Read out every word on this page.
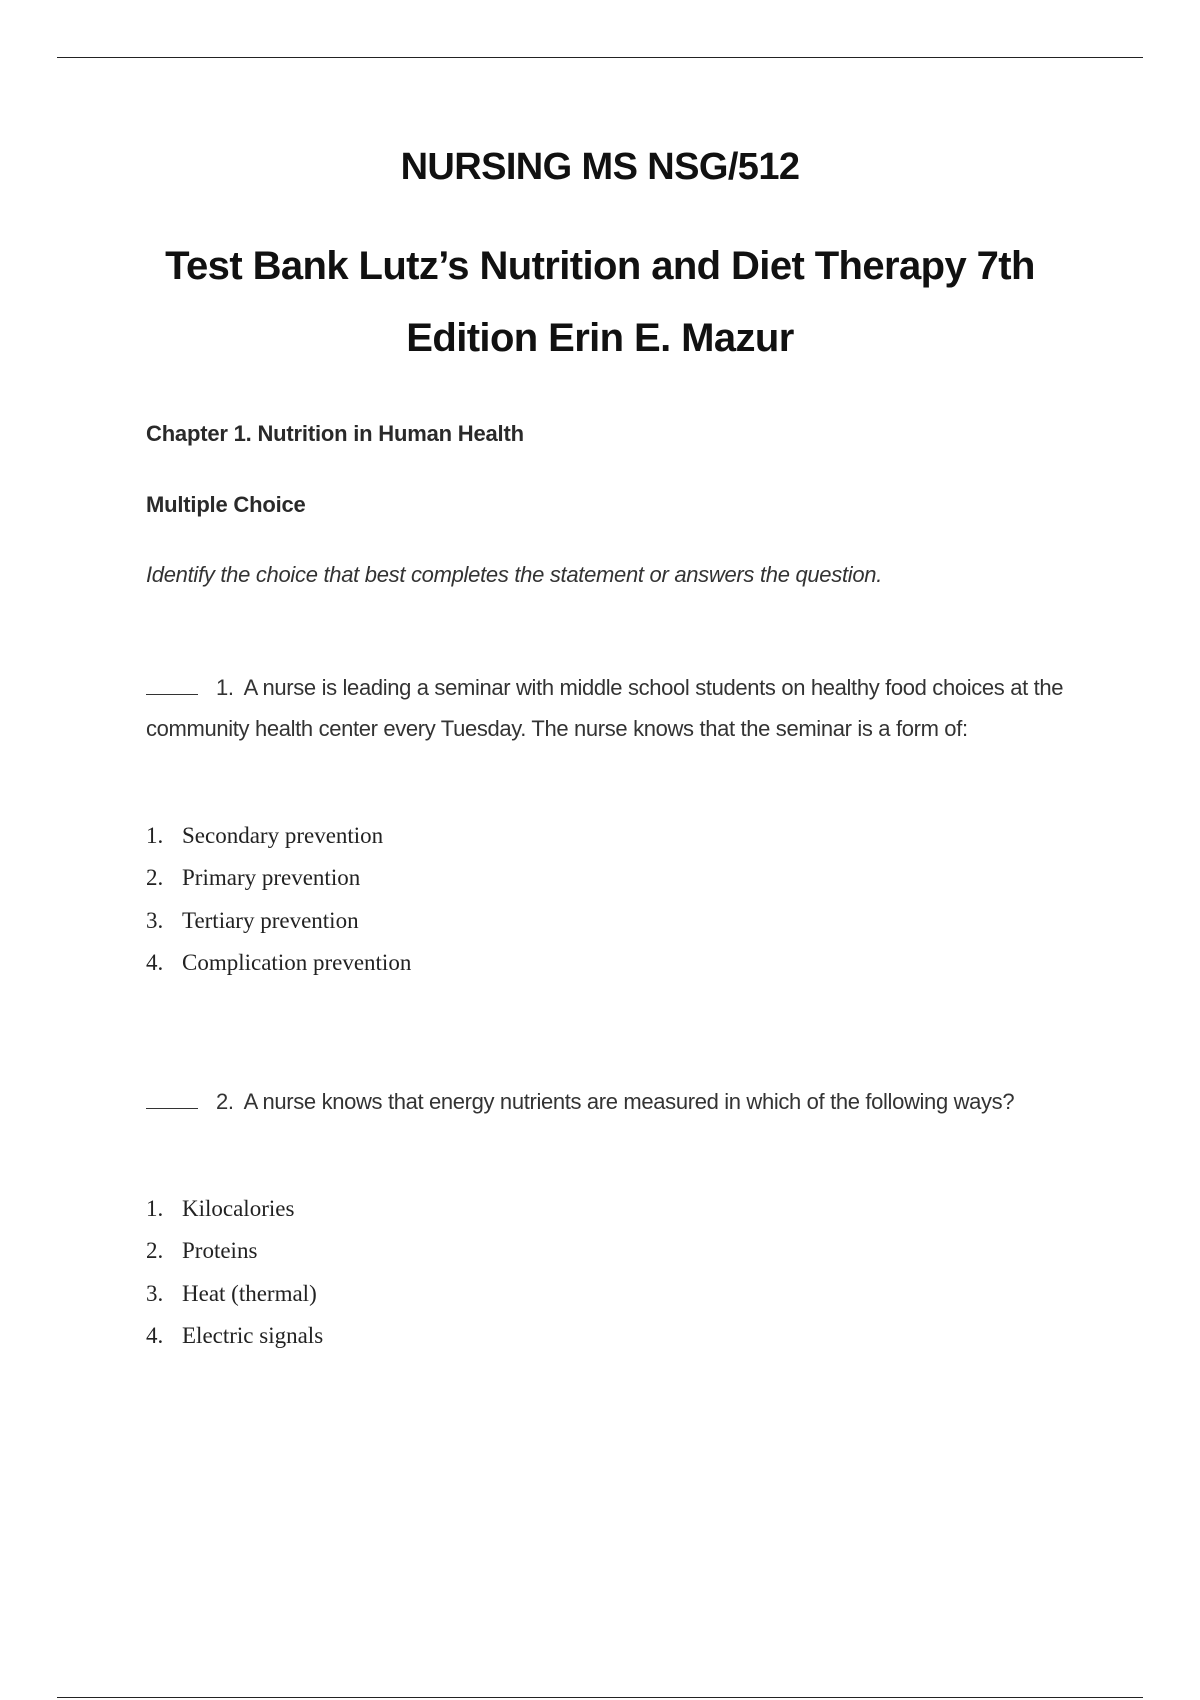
NURSING MS NSG/512
Test Bank Lutz’s Nutrition and Diet Therapy 7th
Edition Erin E. Mazur
Chapter 1. Nutrition in Human Health
Multiple Choice

Identify the choice that best completes the statement or answers the question.

1. A nurse is leading a seminar with middle school students on healthy food choices at the community health center every Tuesday. The nurse knows that the seminar is a form of:
1. Secondary prevention
2. Primary prevention
3. Tertiary prevention
4. Complication prevention
2. A nurse knows that energy nutrients are measured in which of the following ways?
1. Kilocalories
2. Proteins
3. Heat (thermal)
4. Electric signals
